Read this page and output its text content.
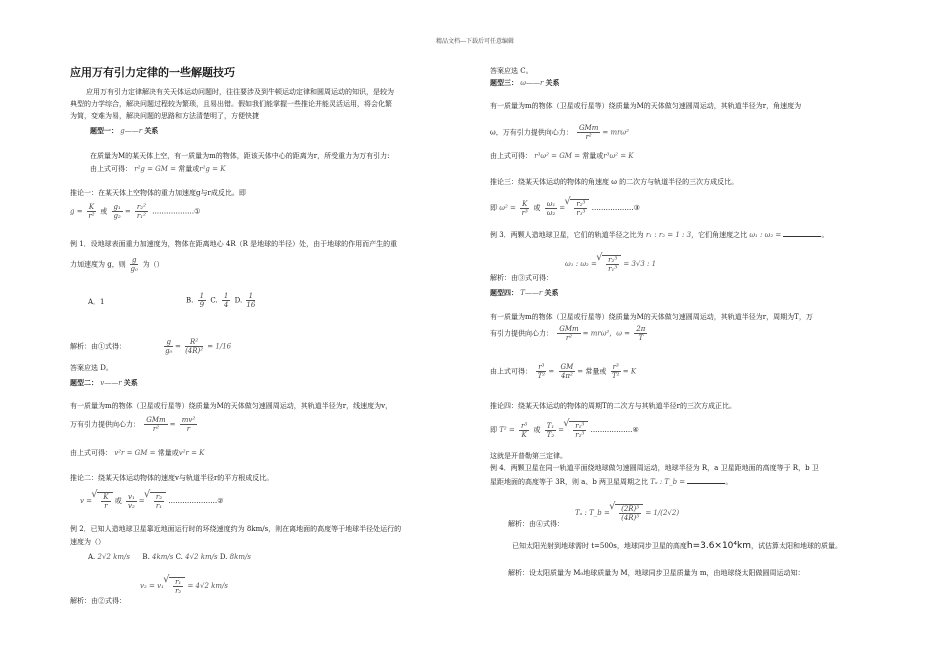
精品文档---下载后可任意编辑
应用万有引力定律的一些解题技巧
应用万有引力定律解决有关天体运动问题时，往往要涉及到牛顿运动定律和圆周运动的知识，是较为
典型的力学综合，解决问题过程较为繁琐，且易出错。假如我们能掌握一些推论并能灵活运用，将会化繁
为简，变难为易，解决问题的思路和方法清楚明了，方便快捷
题型一： g——r 关系
在质量为M的某天体上空，有一质量为m的物体，距该天体中心的距离为r，所受重力为万有引力:
由上式可得： r²g = GM = 常量或r²g = K
推论一：在某天体上空物体的重力加速度g与r成反比。即
$g = \frac{K}{\text{r²}}$ 或 $\frac{\text{g₁}}{\text{g₂}} = \frac{\text{r₂²}}{\text{r₁²}}$ ………………①
例 1．设地球表面重力加速度为，物体在距离地心 4R（R 是地球的半径）处，由于地球的作用而产生的重
力加速度为 g，则 $\frac{g}{\text{g₀}}$ 为（）
A．1	B. $\frac{1}{9} C$. $\frac{1}{4} D$. $\frac{1}{16}$
解析：由①式得：	$\frac{g}{\text{g₀}} = \frac{\text{R²}}{\text{(4R)²}} = 1/16$
答案应选 D。
题型二： v——r 关系
有一质量为m的物体（卫星或行星等）绕质量为M的天体做匀速圆周运动，其轨道半径为r，线速度为v，
万有引力提供向心力：
GMm
r²
= $\frac{\text{mv²}}{r}$
由上式可得： v²r = GM = 常量或v²r = K
推论二：绕某天体运动物体的速度v与轨道半径r的平方根成反比。
v = √ $\frac{K}{r}$ 或 $\frac{\text{v₁}}{\text{v₂}}$ = √ $\frac{\text{r₂}}{\text{r₁}}$ …………………②
例 2．已知人造地球卫星靠近地面运行时的环绕速度约为 8km/s，则在离地面的高度等于地球半径处运行的
速度为（）
A. 2√2 km/s B. 4km/s C. 4√2 km/s D. 8km/s
v₂ = v₁ √ $\frac{\text{r₁}}{\text{r₂}} = 4√2$ km/s
解析：由②式得：
答案应选 C。
题型三： ω——r 关系
有一质量为m的物体（卫星或行星等）绕质量为M的天体做匀速圆周运动，其轨道半径为r，角速度为
ω，万有引力提供向心力：
GMm
r²
= mrω²
由上式可得： r³ω² = GM = 常量或r³ω² = K
推论三：绕某天体运动的物体的角速度 ω 的二次方与轨道半径的三次方成反比。
即 $\omega^2 = \frac{K}{\text{r³}}$ 或 $\frac{\text{ω₁}}{\text{ω₂}}$ = √ $\frac{\text{r₂³}}{\text{r₁³}}$ ………………③
例 3．两颗人造地球卫星，它们的轨道半径之比为 r₁ : r₂ = 1 : 3，它们角速度之比 ω₁ : ω₂ =	。
ω₁ : ω₂ = √ $\frac{\text{r₂³}}{\text{r₁³}} = 3√3$ : 1
解析：由③式可得：
题型四： T——r 关系
有一质量为m的物体（卫星或行星等）绕质量为M的天体做匀速圆周运动，其轨道半径为r，周期为T，万
有引力提供向心力：
GMm
r²
= mrω²，$\omega = \frac{2\pi}{T}$
由上式可得： $\frac{\text{r³}}{\text{T²}} = \frac{GM}{\text{4π²}}$ = 常量或 $\frac{\text{r³}}{\text{T²}} = K$
推论四：绕某天体运动的物体的周期T的二次方与其轨道半径r的三次方成正比。
即 $T^2 = \frac{\text{r³}}{K}$ 或 $\frac{\text{T₁}}{\text{T₂}}$ = √ $\frac{\text{r₁³}}{\text{r₂³}}$ ………………④
这就是开普勒第三定律。
例 4．两颗卫星在同一轨道平面绕地球做匀速圆周运动，地球半径为 R，a 卫星距地面的高度等于 R，b 卫
星距地面的高度等于 3R，则 a、b 两卫星周期之比 Tₐ : T_b =	。
Tₐ : T_b = √ $\frac{\text{(2R)³}}{\text{(4R)³}} = 1/(2√2)$
解析：由④式得：
已知太阳光射到地球需时 t=500s，地球同步卫星的高度h=3.6×10⁴km，试估算太阳和地球的质量。
解析：设太阳质量为 M₀地球质量为 M，地球同步卫星质量为 m，由地球绕太阳做圆周运动知：
